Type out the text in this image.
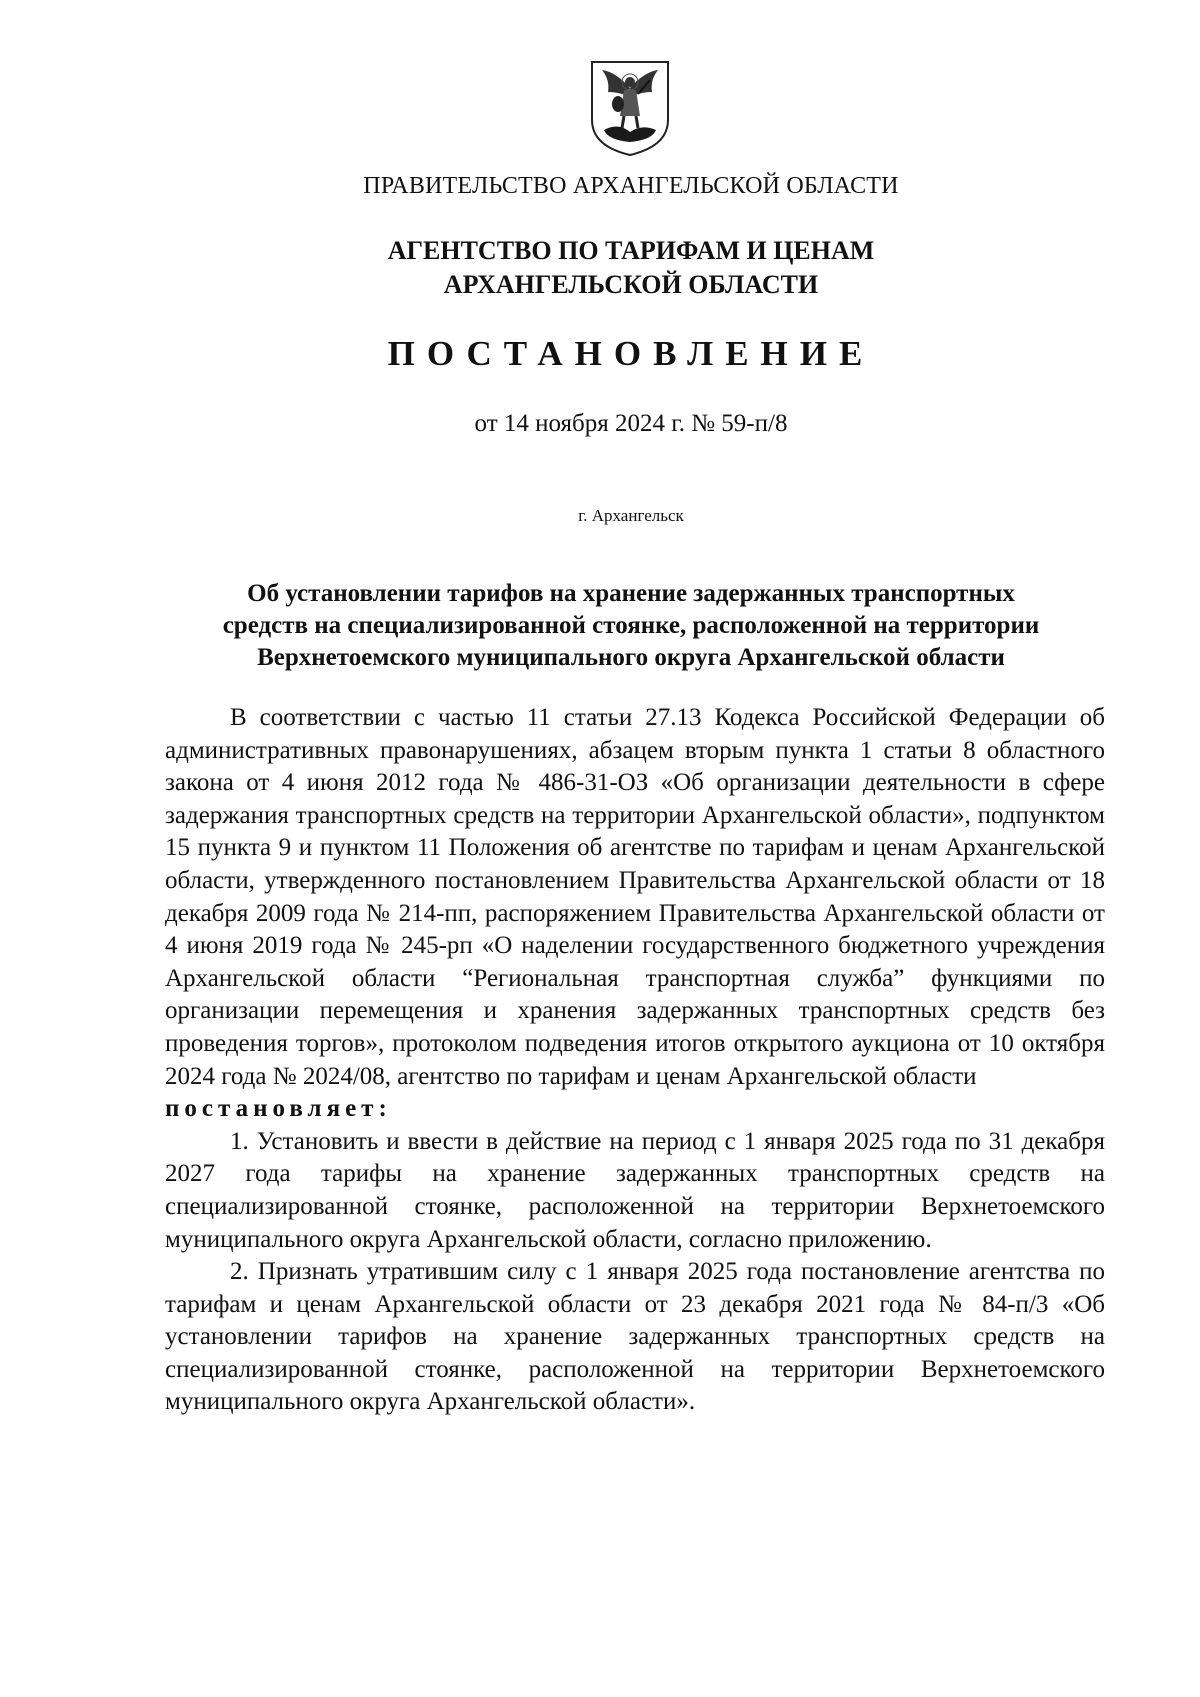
ПРАВИТЕЛЬСТВО АРХАНГЕЛЬСКОЙ ОБЛАСТИ
АГЕНТСТВО ПО ТАРИФАМ И ЦЕНАМ
АРХАНГЕЛЬСКОЙ ОБЛАСТИ
ПОСТАНОВЛЕНИЕ
от 14 ноября 2024 г. № 59-п/8
г. Архангельск
Об установлении тарифов на хранение задержанных транспортных
средств на специализированной стоянке, расположенной на территории
Верхнетоемского муниципального округа Архангельской области

В соответствии с частью 11 статьи 27.13 Кодекса Российской Федерации об административных правонарушениях, абзацем вторым пункта 1 статьи 8 областного закона от 4 июня 2012 года № 486-31-ОЗ «Об организации деятельности в сфере задержания транспортных средств на территории Архангельской области», подпунктом 15 пункта 9 и пунктом 11 Положения об агентстве по тарифам и ценам Архангельской области, утвержденного постановлением Правительства Архангельской области от 18 декабря 2009 года № 214-пп, распоряжением Правительства Архангельской области от 4 июня 2019 года № 245-рп «О наделении государственного бюджетного учреждения Архангельской области “Региональная транспортная служба” функциями по организации перемещения и хранения задержанных транспортных средств без проведения торгов», протоколом подведения итогов открытого аукциона от 10 октября 2024 года № 2024/08, агентство по тарифам и ценам Архангельской области

постановляет:

1. Установить и ввести в действие на период с 1 января 2025 года по 31 декабря 2027 года тарифы на хранение задержанных транспортных средств на специализированной стоянке, расположенной на территории Верхнетоемского муниципального округа Архангельской области, согласно приложению.

2. Признать утратившим силу с 1 января 2025 года постановление агентства по тарифам и ценам Архангельской области от 23 декабря 2021 года № 84-п/3 «Об установлении тарифов на хранение задержанных транспортных средств на специализированной стоянке, расположенной на территории Верхнетоемского муниципального округа Архангельской области».
